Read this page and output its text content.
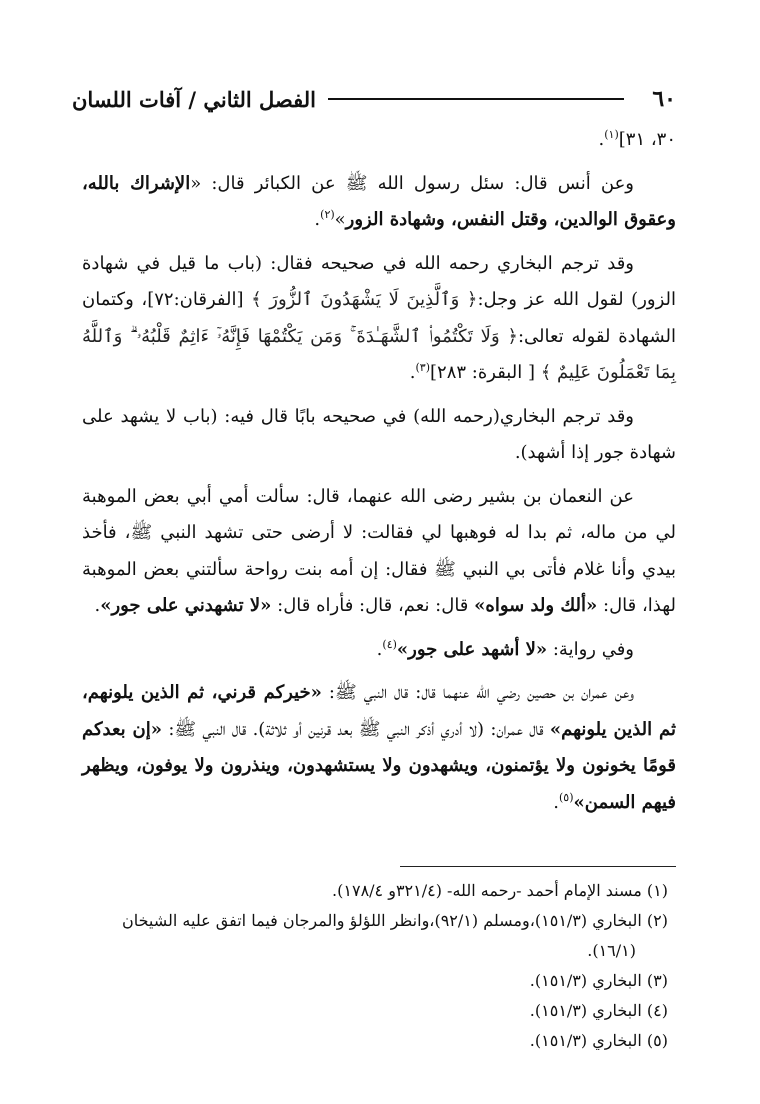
٦٠
الفصل الثاني / آفات اللسان

٣٠، ٣١]$^{(١)}$.

وعن أنس قال: سئل رسول الله ﷺ عن الكبائر قال: «الإشراك بالله، وعقوق الوالدين، وقتل النفس، وشهادة الزور»$^{(٢)}$.

وقد ترجم البخاري رحمه الله في صحيحه فقال: (باب ما قيل في شهادة الزور) لقول الله عز وجل:﴿ وَٱلَّذِينَ لَا يَشْهَدُونَ ٱلزُّورَ ﴾ [الفرقان:٧٢]، وكتمان الشهادة لقوله تعالى:﴿ وَلَا تَكْتُمُوا۟ ٱلشَّهَـٰدَةَ ۚ وَمَن يَكْتُمْهَا فَإِنَّهُۥٓ ءَاثِمٌ قَلْبُهُۥ ۗ وَٱللَّهُ بِمَا تَعْمَلُونَ عَلِيمٌ ﴾ [ البقرة: ٢٨٣]$^{(٣)}$.

وقد ترجم البخاري(رحمه الله) في صحيحه بابًا قال فيه: (باب لا يشهد على شهادة جور إذا أشهد).

عن النعمان بن بشير رضى الله عنهما، قال: سألت أمي أبي بعض الموهبة لي من ماله، ثم بدا له فوهبها لي فقالت: لا أرضى حتى تشهد النبي ﷺ، فأخذ بيدي وأنا غلام فأتى بي النبي ﷺ فقال: إن أمه بنت رواحة سألتني بعض الموهبة لهذا، قال: «ألك ولد سواه» قال: نعم، قال: فأراه قال: «لا تشهدني على جور».

وفي رواية: «لا أشهد على جور»$^{(٤)}$.

وعن عمران بن حصين رضي الله عنهما قال: قال النبي ﷺ: «خيركم قرني، ثم الذين يلونهم، ثم الذين يلونهم» قال عمران: (لا أدري أذكر النبي ﷺ بعد قرنين أو ثلاثة). قال النبي ﷺ: «إن بعدكم قومًا يخونون ولا يؤتمنون، ويشهدون ولا يستشهدون، وينذرون ولا يوفون، ويظهر فيهم السمن»$^{(٥)}$.

(١) مسند الإمام أحمد -رحمه الله- (٣٢١/٤و ١٧٨/٤).

(٢) البخاري (١٥١/٣)،ومسلم (٩٢/١)،وانظر اللؤلؤ والمرجان فيما اتفق عليه الشيخان

(١٦/١).

(٣) البخاري (١٥١/٣).

(٤) البخاري (١٥١/٣).

(٥) البخاري (١٥١/٣).
